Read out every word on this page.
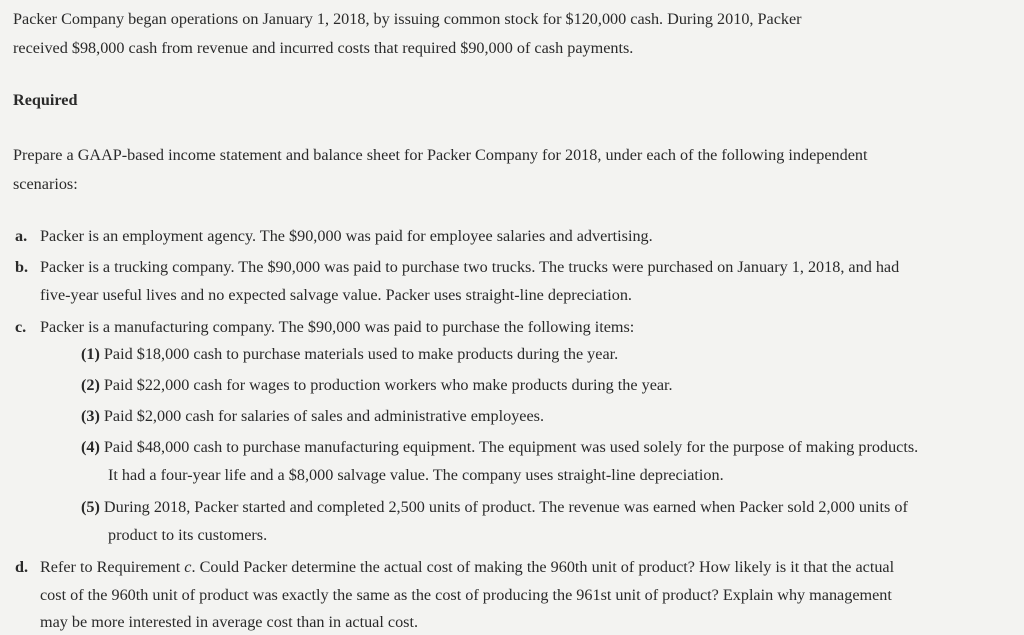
Packer Company began operations on January 1, 2018, by issuing common stock for $120,000 cash. During 2010, Packer
received $98,000 cash from revenue and incurred costs that required $90,000 of cash payments.
Required
Prepare a GAAP-based income statement and balance sheet for Packer Company for 2018, under each of the following independent
scenarios:
a. Packer is an employment agency. The $90,000 was paid for employee salaries and advertising.
b. Packer is a trucking company. The $90,000 was paid to purchase two trucks. The trucks were purchased on January 1, 2018, and had
five-year useful lives and no expected salvage value. Packer uses straight-line depreciation.
c. Packer is a manufacturing company. The $90,000 was paid to purchase the following items:
(1) Paid $18,000 cash to purchase materials used to make products during the year.
(2) Paid $22,000 cash for wages to production workers who make products during the year.
(3) Paid $2,000 cash for salaries of sales and administrative employees.
(4) Paid $48,000 cash to purchase manufacturing equipment. The equipment was used solely for the purpose of making products.
It had a four-year life and a $8,000 salvage value. The company uses straight-line depreciation.
(5) During 2018, Packer started and completed 2,500 units of product. The revenue was earned when Packer sold 2,000 units of
product to its customers.
d. Refer to Requirement c. Could Packer determine the actual cost of making the 960th unit of product? How likely is it that the actual
cost of the 960th unit of product was exactly the same as the cost of producing the 961st unit of product? Explain why management
may be more interested in average cost than in actual cost.
